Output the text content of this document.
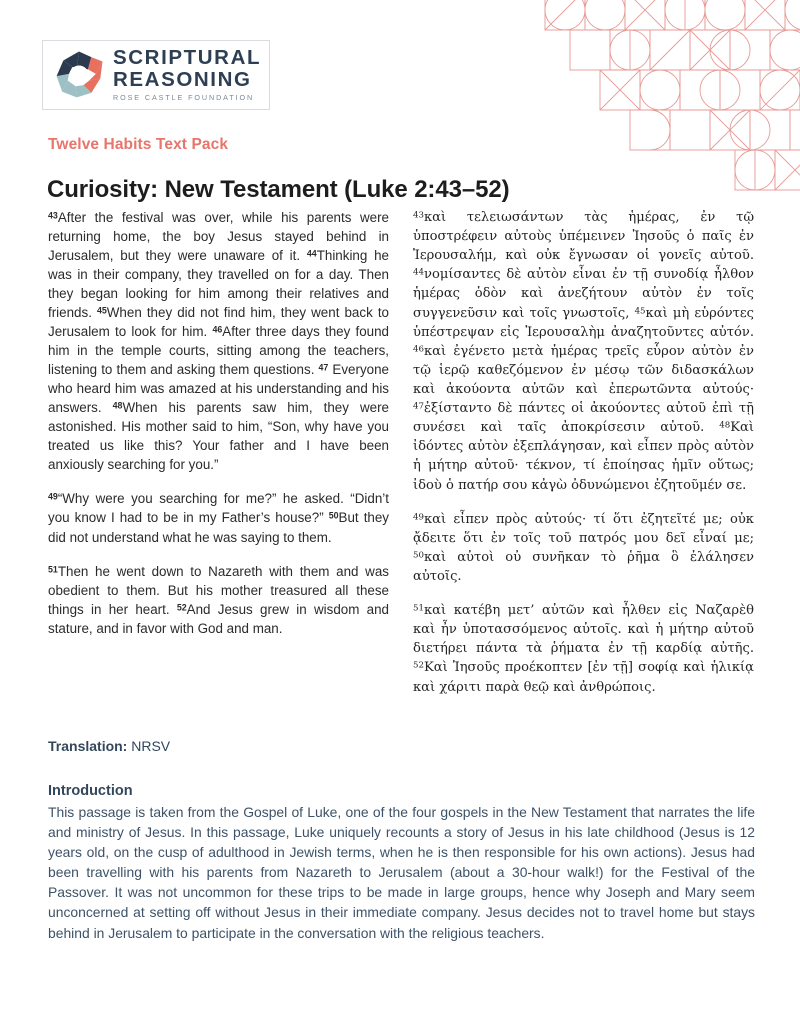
SCRIPTURAL
REASONING
ROSE CASTLE FOUNDATION
Twelve Habits Text Pack
Curiosity: New Testament (Luke 2:43–52)

$^{43}$After the festival was over, while his parents were returning home, the boy Jesus stayed behind in Jerusalem, but they were unaware of it. $^{44}$Thinking he was in their company, they travelled on for a day. Then they began looking for him among their relatives and friends. $^{45}$When they did not find him, they went back to Jerusalem to look for him. $^{46}$After three days they found him in the temple courts, sitting among the teachers, listening to them and asking them questions. $^{47}$ Everyone who heard him was amazed at his understanding and his answers. $^{48}$When his parents saw him, they were astonished. His mother said to him, “Son, why have you treated us like this? Your father and I have been anxiously searching for you.”

$^{49}$“Why were you searching for me?” he asked. “Didn’t you know I had to be in my Father’s house?” $^{50}$But they did not understand what he was saying to them.

$^{51}$Then he went down to Nazareth with them and was obedient to them. But his mother treasured all these things in her heart. $^{52}$And Jesus grew in wisdom and stature, and in favor with God and man.

$^{43}$καὶ τελειωσάντων τὰς ἡμέρας, ἐν τῷ ὑποστρέφειν αὐτοὺς ὑπέμεινεν Ἰησοῦς ὁ παῖς ἐν Ἰερουσαλήμ, καὶ οὐκ ἔγνωσαν οἱ γονεῖς αὐτοῦ. $^{44}$νομίσαντες δὲ αὐτὸν εἶναι ἐν τῇ συνοδίᾳ ἦλθον ἡμέρας ὁδὸν καὶ ἀνεζήτουν αὐτὸν ἐν τοῖς συγγενεῦσιν καὶ τοῖς γνωστοῖς, $^{45}$καὶ μὴ εὑρόντες ὑπέστρεψαν εἰς Ἰερουσαλὴμ ἀναζητοῦντες αὐτόν. $^{46}$καὶ ἐγένετο μετὰ ἡμέρας τρεῖς εὗρον αὐτὸν ἐν τῷ ἱερῷ καθεζόμενον ἐν μέσῳ τῶν διδασκάλων καὶ ἀκούοντα αὐτῶν καὶ ἐπερωτῶντα αὐτούς· $^{47}$ἐξίσταντο δὲ πάντες οἱ ἀκούοντες αὐτοῦ ἐπὶ τῇ συνέσει καὶ ταῖς ἀποκρίσεσιν αὐτοῦ. $^{48}$Καὶ ἰδόντες αὐτὸν ἐξεπλάγησαν, καὶ εἶπεν πρὸς αὐτὸν ἡ μήτηρ αὐτοῦ· τέκνον, τί ἐποίησας ἡμῖν οὕτως; ἰδοὺ ὁ πατήρ σου κἀγὼ ὀδυνώμενοι ἐζητοῦμέν σε.

$^{49}$καὶ εἶπεν πρὸς αὐτούς· τί ὅτι ἐζητεῖτέ με; οὐκ ᾄδειτε ὅτι ἐν τοῖς τοῦ πατρός μου δεῖ εἶναί με; $^{50}$καὶ αὐτοὶ οὐ συνῆκαν τὸ ῥῆμα ὃ ἐλάλησεν αὐτοῖς.

$^{51}$καὶ κατέβη μετ’ αὐτῶν καὶ ἦλθεν εἰς Ναζαρὲθ καὶ ἦν ὑποτασσόμενος αὐτοῖς. καὶ ἡ μήτηρ αὐτοῦ διετήρει πάντα τὰ ῥήματα ἐν τῇ καρδίᾳ αὐτῆς. $^{52}$Καὶ Ἰησοῦς προέκοπτεν [ἐν τῇ] σοφίᾳ καὶ ἡλικίᾳ καὶ χάριτι παρὰ θεῷ καὶ ἀνθρώποις.

Translation: NRSV
Introduction

This passage is taken from the Gospel of Luke, one of the four gospels in the New Testament that narrates the life and ministry of Jesus. In this passage, Luke uniquely recounts a story of Jesus in his late childhood (Jesus is 12 years old, on the cusp of adulthood in Jewish terms, when he is then responsible for his own actions). Jesus had been travelling with his parents from Nazareth to Jerusalem (about a 30-hour walk!) for the Festival of the Passover. It was not uncommon for these trips to be made in large groups, hence why Joseph and Mary seem unconcerned at setting off without Jesus in their immediate company. Jesus decides not to travel home but stays behind in Jerusalem to participate in the conversation with the religious teachers.
